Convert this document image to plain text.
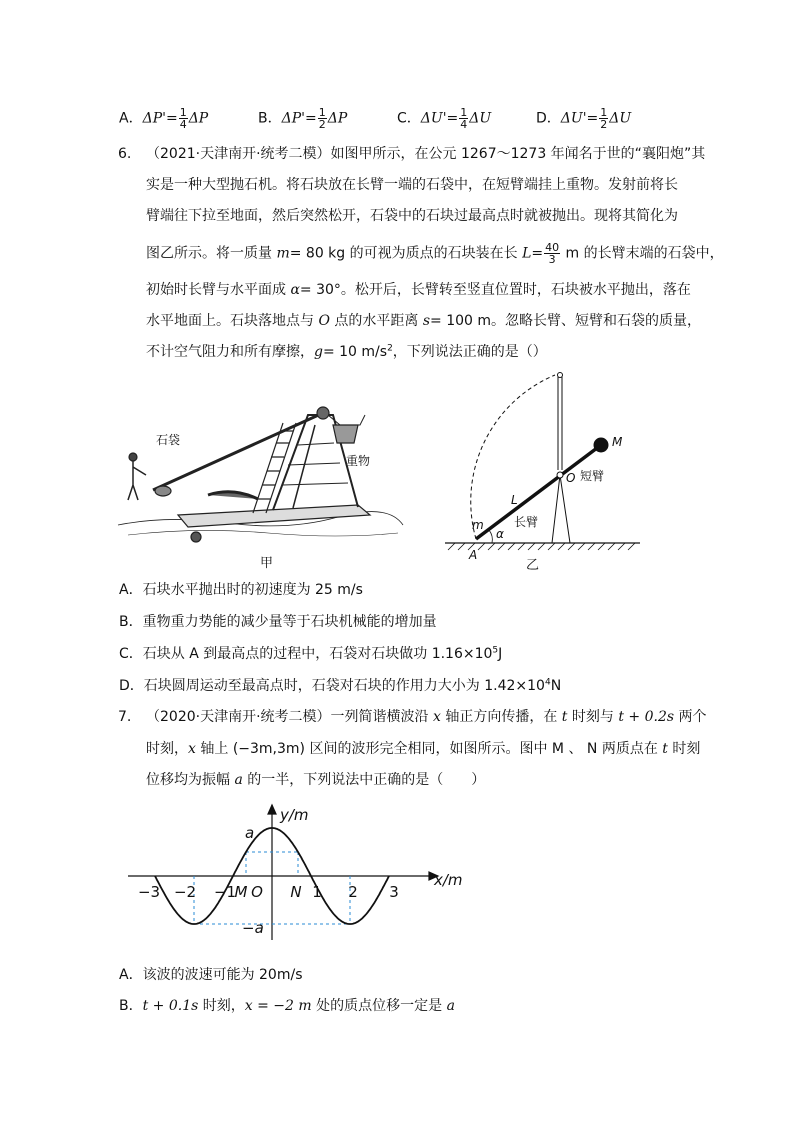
A．$\Delta P'= \frac{1}{4}$ ΔP	B．$\Delta P'= \frac{1}{2}$ ΔP	C．$\Delta U'= \frac{1}{4}$ ΔU	D．$\Delta U'= \frac{1}{2}$ ΔU
6. （2021·天津南开·统考二模）如图甲所示，在公元 1267～1273 年闻名于世的“襄阳炮”其
实是一种大型抛石机。将石块放在长臂一端的石袋中，在短臂端挂上重物。发射前将长
臂端往下拉至地面，然后突然松开，石袋中的石块过最高点时就被抛出。现将其简化为
图乙所示。将一质量 m= 80 kg 的可视为质点的石块装在长 $L= \frac{40}{3}$ m 的长臂末端的石袋中，
初始时长臂与水平面成 α= 30°。松开后，长臂转至竖直位置时，石块被水平抛出，落在
水平地面上。石块落地点与 O 点的水平距离 s= 100 m。忽略长臂、短臂和石袋的质量，
不计空气阻力和所有摩擦，g= 10 $m/s^2$，下列说法正确的是（）
石袋
重物
甲
M
O 短臂
L
长臂
m
A
α
乙
A．石块水平抛出时的初速度为 25 m/s
B．重物重力势能的减少量等于石块机械能的增加量
C．石块从 A 到最高点的过程中，石袋对石块做功 $1.16\times 10^5J$
D．石块圆周运动至最高点时，石袋对石块的作用力大小为 $1.42\times 10^4N$
7. （2020·天津南开·统考二模）一列简谐横波沿 x 轴正方向传播，在 t 时刻与 t + 0.2s 两个
时刻，x 轴上 (−3m,3m) 区间的波形完全相同，如图所示。图中 M 、 N 两质点在 t 时刻
位移均为振幅 a 的一半，下列说法中正确的是（　　）
y/m
x/m
a
−a
−3 −2 −1
M O N 1 2 3
A．该波的波速可能为 20m/s
B．t + 0.1s 时刻，x = −2 m 处的质点位移一定是 a
